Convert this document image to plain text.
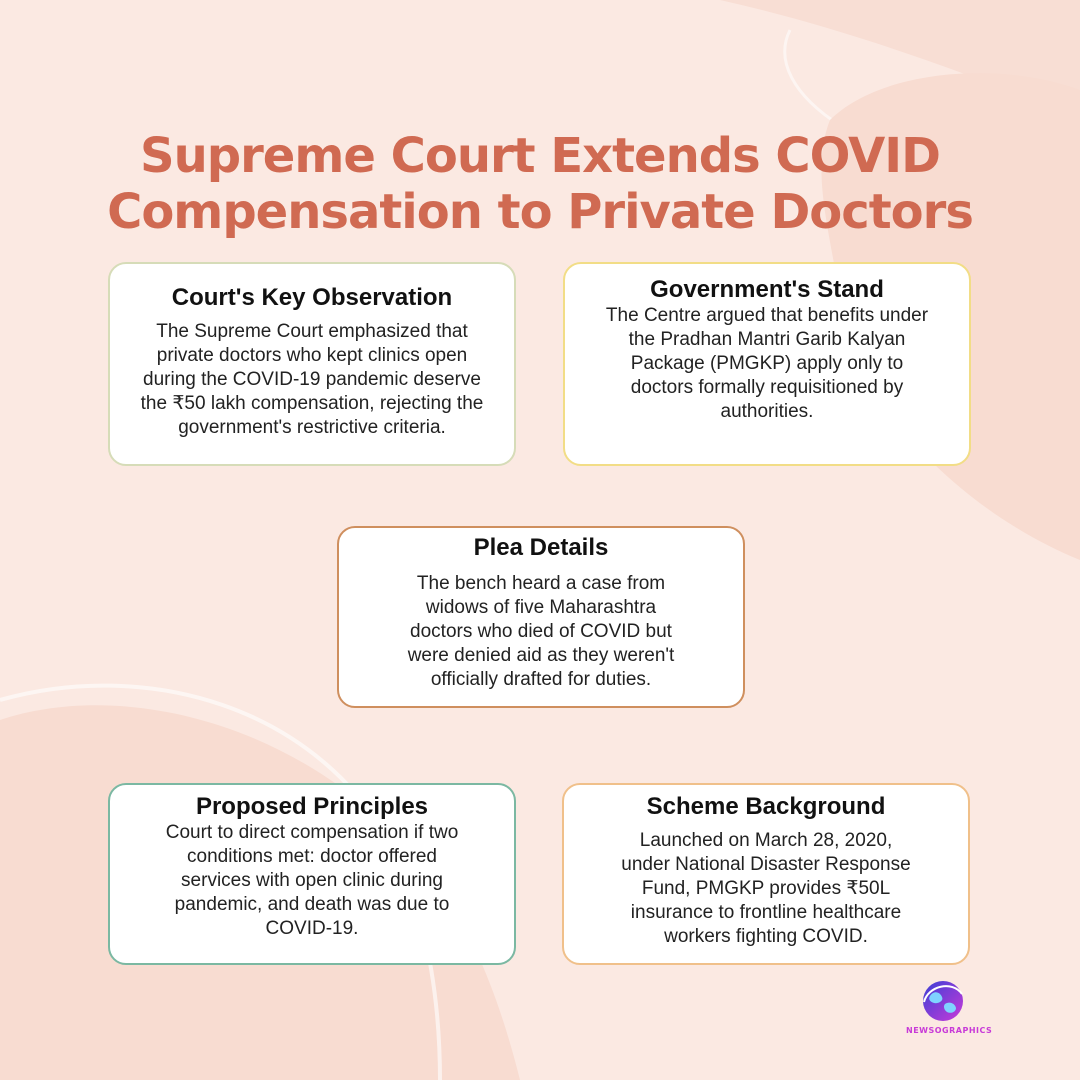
Supreme Court Extends COVID
Compensation to Private Doctors
Court's Key Observation

The Supreme Court emphasized that
private doctors who kept clinics open
during the COVID-19 pandemic deserve
the ₹50 lakh compensation, rejecting the
government's restrictive criteria.

Government's Stand

The Centre argued that benefits under
the Pradhan Mantri Garib Kalyan
Package (PMGKP) apply only to
doctors formally requisitioned by
authorities.

Plea Details

The bench heard a case from
widows of five Maharashtra
doctors who died of COVID but
were denied aid as they weren't
officially drafted for duties.

Proposed Principles

Court to direct compensation if two
conditions met: doctor offered
services with open clinic during
pandemic, and death was due to
COVID-19.

Scheme Background

Launched on March 28, 2020,
under National Disaster Response
Fund, PMGKP provides ₹50L
insurance to frontline healthcare
workers fighting COVID.

NEWSOGRAPHICS
